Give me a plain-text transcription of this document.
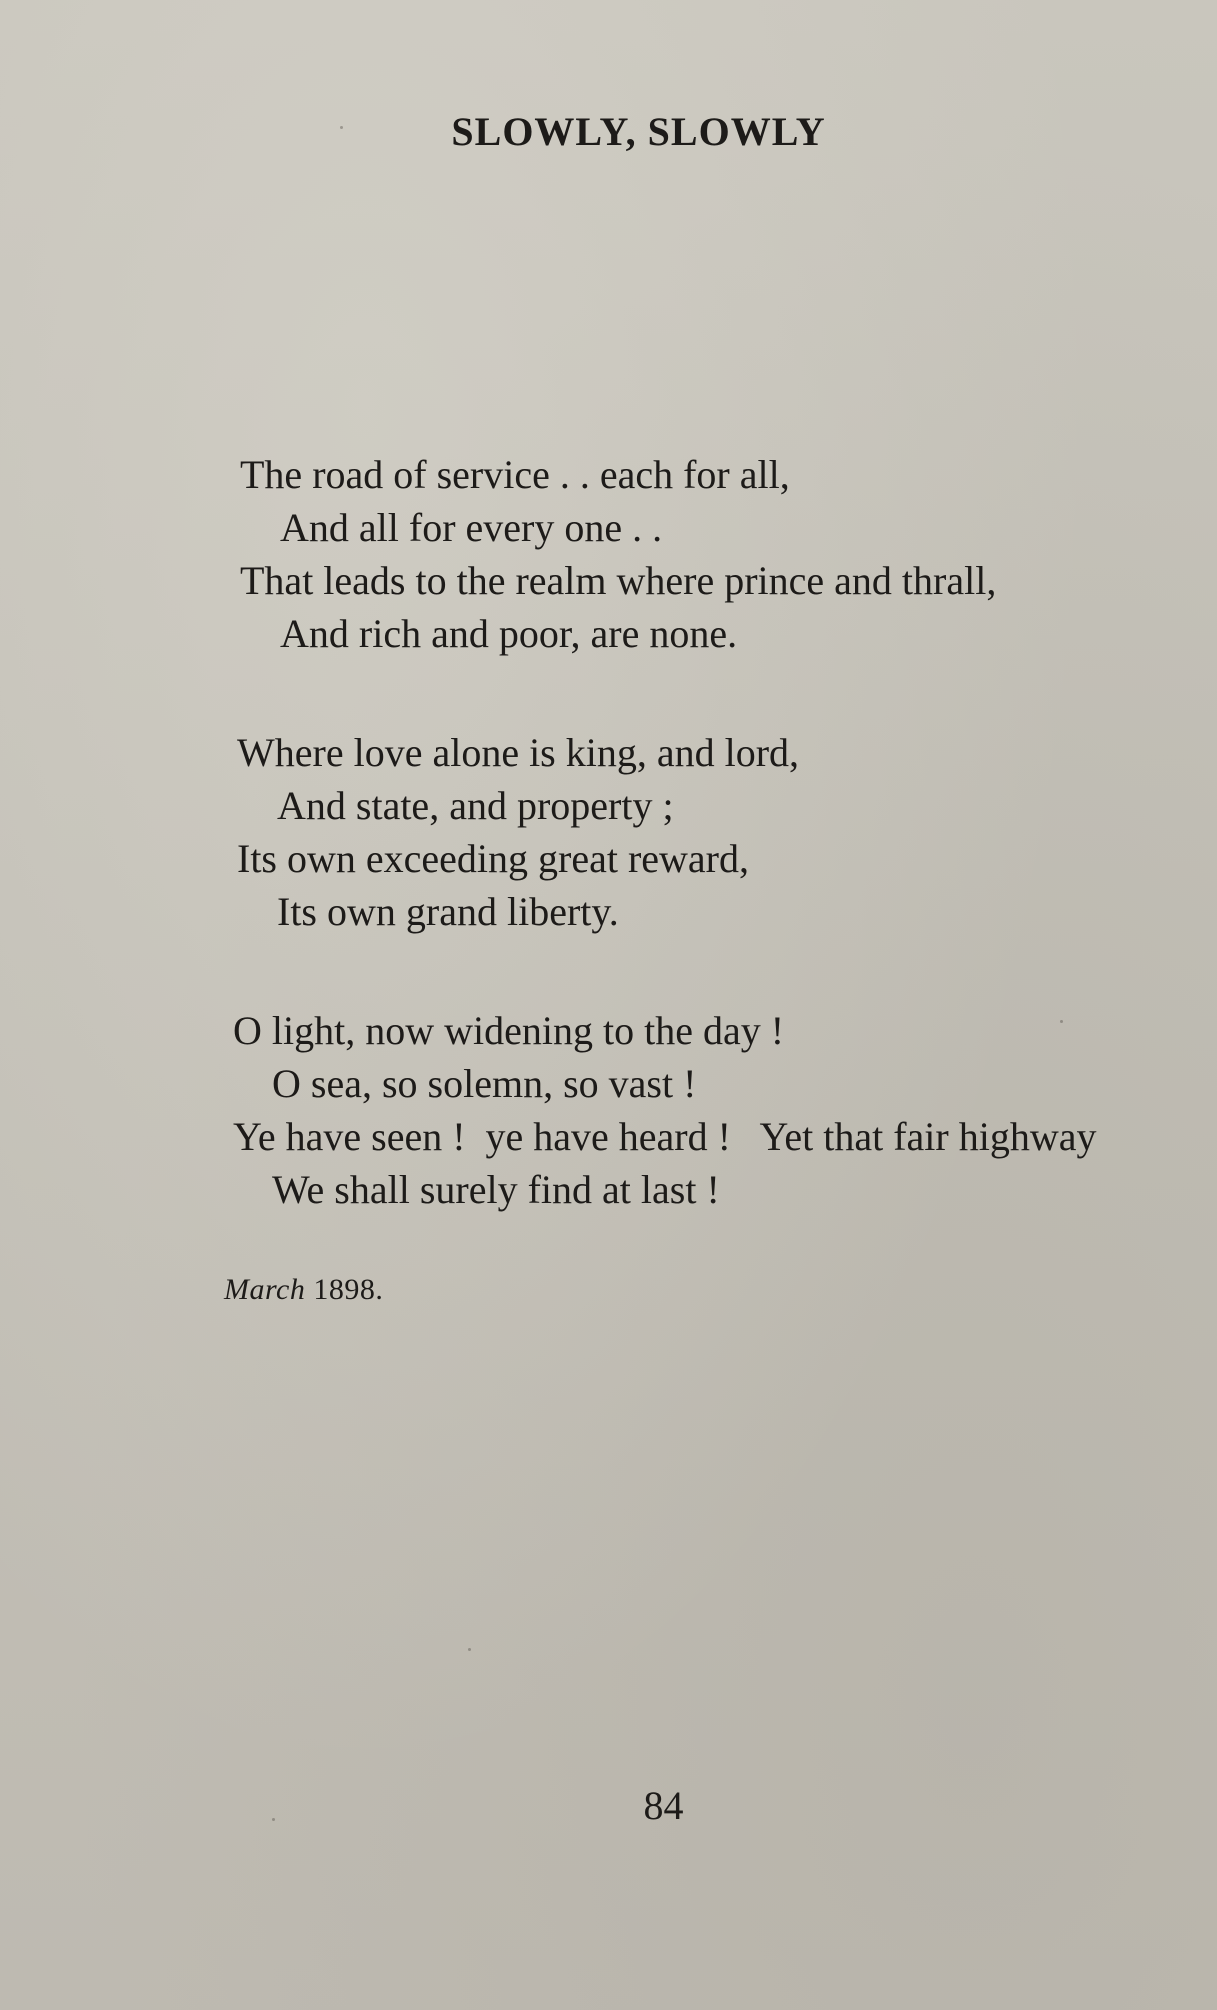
SLOWLY, SLOWLY
The road of service . . each for all,
And all for every one . .
That leads to the realm where prince and thrall,
And rich and poor, are none.
Where love alone is king, and lord,
And state, and property ;
Its own exceeding great reward,
Its own grand liberty.
O light, now widening to the day !
O sea, so solemn, so vast !
Ye have seen !  ye have heard !   Yet that fair highway
We shall surely find at last !
March 1898.
84
